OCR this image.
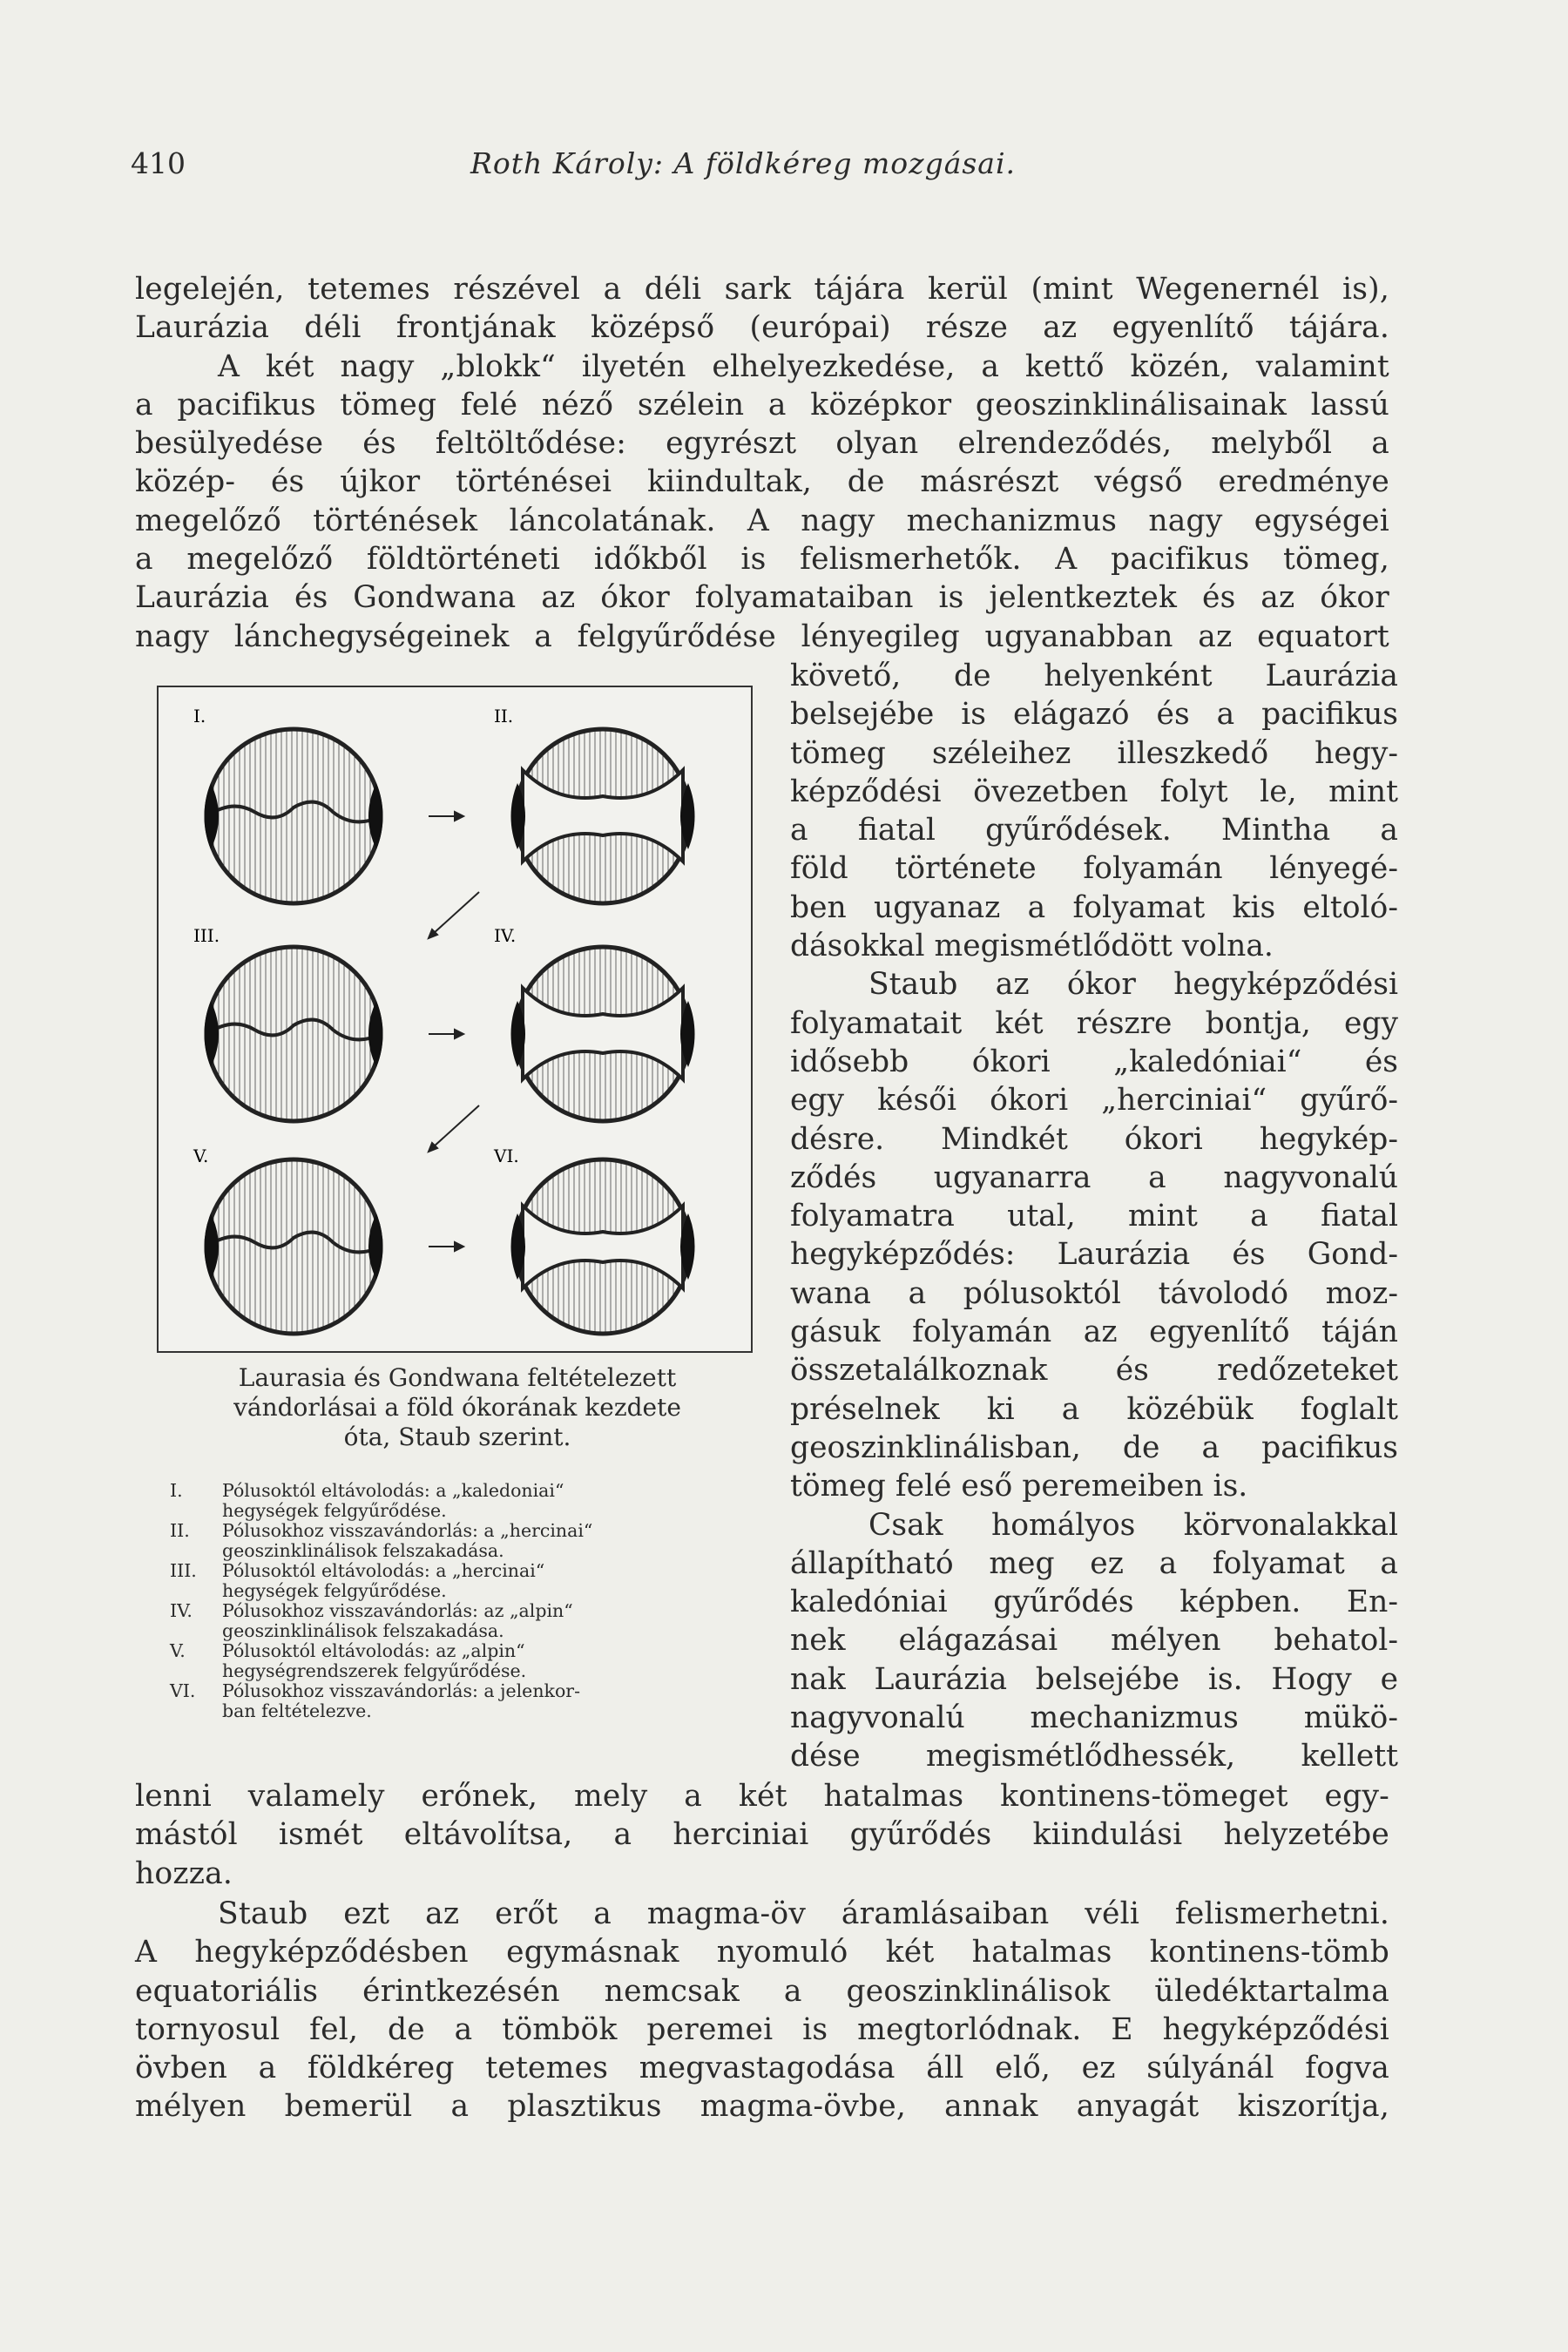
410	Roth Károly: A földkéreg mozgásai.
legelején, tetemes részével a déli sark tájára kerül (mint Wegenernél is),
Laurázia déli frontjának középső (európai) része az egyenlítő tájára.
A két nagy „blokk“ ilyetén elhelyezkedése, a kettő közén, valamint
a pacifikus tömeg felé néző szélein a középkor geoszinklinálisainak lassú
besülyedése és feltöltődése: egyrészt olyan elrendeződés, melyből a
közép- és újkor történései kiindultak, de másrészt végső eredménye
megelőző történések láncolatának. A nagy mechanizmus nagy egységei
a megelőző földtörténeti időkből is felismerhetők. A pacifikus tömeg,
Laurázia és Gondwana az ókor folyamataiban is jelentkeztek és az ókor
nagy lánchegységeinek a felgyűrődése lényegileg ugyanabban az equatort
I.	II.
III.	IV.
V.	VI.
Laurasia és Gondwana feltételezett
vándorlásai a föld ókorának kezdete
óta, Staub szerint.
I.	Pólusoktól eltávolodás: a „kaledoniai“
hegységek felgyűrődése.
II.	Pólusokhoz visszavándorlás: a „hercinai“
geoszinklinálisok felszakadása.
III.	Pólusoktól eltávolodás: a „hercinai“
hegységek felgyűrődése.
IV.	Pólusokhoz visszavándorlás: az „alpin“
geoszinklinálisok felszakadása.
V.	Pólusoktól eltávolodás: az „alpin“
hegységrendszerek felgyűrődése.
VI.	Pólusokhoz visszavándorlás: a jelenkor-
ban feltételezve.
követő, de helyenként Laurázia
belsejébe is elágazó és a pacifikus
tömeg széleihez illeszkedő hegy-
képződési övezetben folyt le, mint
a fiatal gyűrődések. Mintha a
föld története folyamán lényegé-
ben ugyanaz a folyamat kis eltoló-
dásokkal megismétlődött volna.
Staub az ókor hegyképződési
folyamatait két részre bontja, egy
idősebb ókori „kaledóniai“ és
egy késői ókori „herciniai“ gyűrő-
désre. Mindkét ókori hegykép-
ződés ugyanarra a nagyvonalú
folyamatra utal, mint a fiatal
hegyképződés: Laurázia és Gond-
wana a pólusoktól távolodó moz-
gásuk folyamán az egyenlítő táján
összetalálkoznak és redőzeteket
préselnek ki a közébük foglalt
geoszinklinálisban, de a pacifikus
tömeg felé eső peremeiben is.
Csak homályos körvonalakkal
állapítható meg ez a folyamat a
kaledóniai gyűrődés képben. En-
nek elágazásai mélyen behatol-
nak Laurázia belsejébe is. Hogy e
nagyvonalú mechanizmus mükö-
dése megismétlődhessék, kellett
lenni valamely erőnek, mely a két hatalmas kontinens-tömeget egy-
mástól ismét eltávolítsa, a herciniai gyűrődés kiindulási helyzetébe
hozza.
Staub ezt az erőt a magma-öv áramlásaiban véli felismerhetni.
A hegyképződésben egymásnak nyomuló két hatalmas kontinens-tömb
equatoriális érintkezésén nemcsak a geoszinklinálisok üledéktartalma
tornyosul fel, de a tömbök peremei is megtorlódnak. E hegyképződési
övben a földkéreg tetemes megvastagodása áll elő, ez súlyánál fogva
mélyen bemerül a plasztikus magma-övbe, annak anyagát kiszorítja,
